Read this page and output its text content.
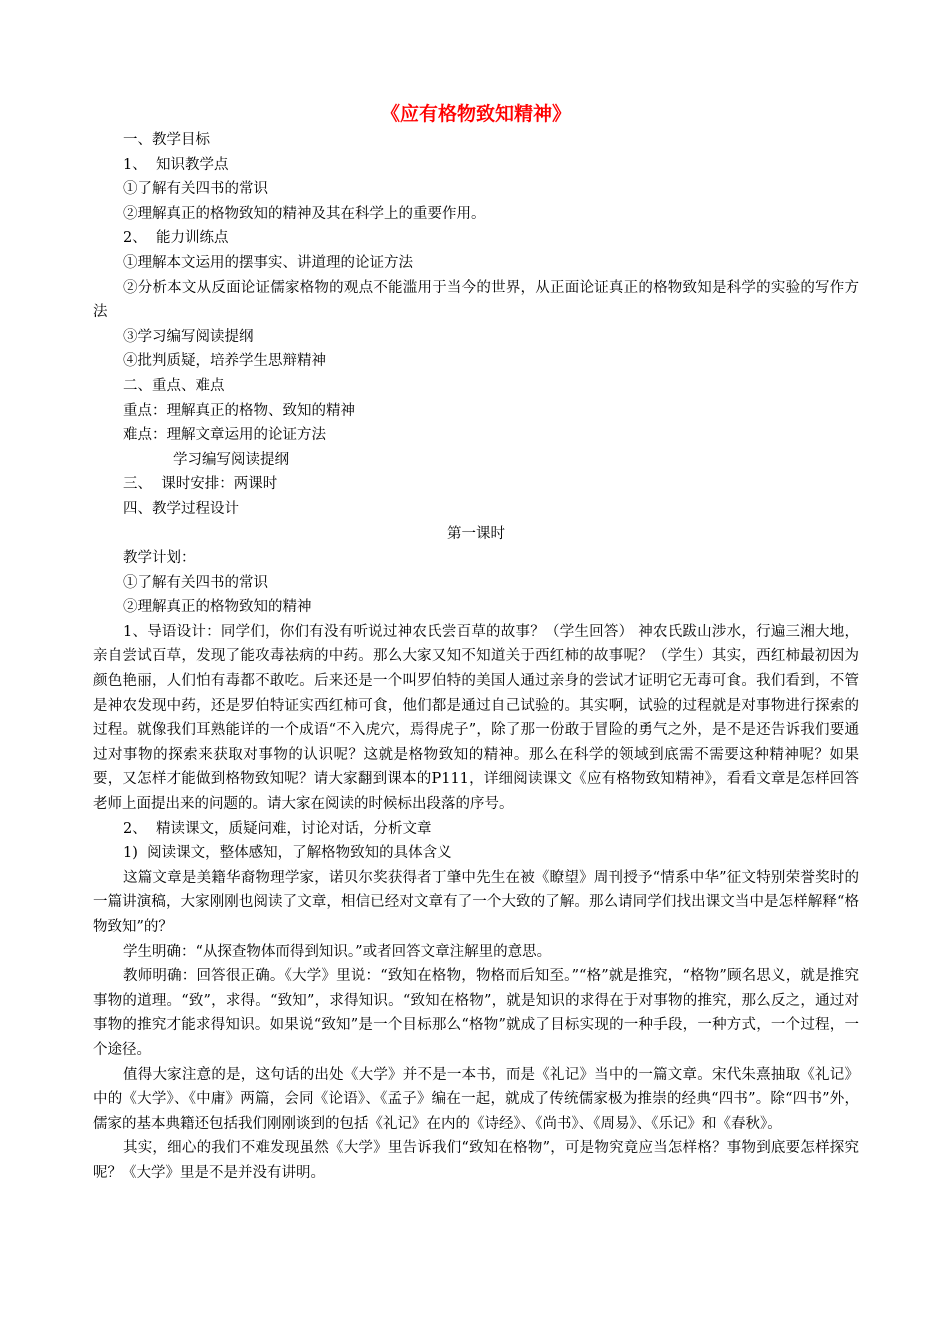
《应有格物致知精神》

一、教学目标

1、  知识教学点

①了解有关四书的常识

②理解真正的格物致知的精神及其在科学上的重要作用。

2、  能力训练点

①理解本文运用的摆事实、讲道理的论证方法

②分析本文从反面论证儒家格物的观点不能滥用于当今的世界，从正面论证真正的格物致知是科学的实验的写作方法

③学习编写阅读提纲

④批判质疑，培养学生思辩精神

二、重点、难点

重点：理解真正的格物、致知的精神

难点：理解文章运用的论证方法

学习编写阅读提纲

三、  课时安排：两课时

四、教学过程设计

第一课时

教学计划：

①了解有关四书的常识

②理解真正的格物致知的精神

1、导语设计：同学们，你们有没有听说过神农氏尝百草的故事？（学生回答） 神农氏跋山涉水，行遍三湘大地，亲自尝试百草，发现了能攻毒祛病的中药。那么大家又知不知道关于西红柿的故事呢？（学生）其实，西红柿最初因为颜色艳丽，人们怕有毒都不敢吃。后来还是一个叫罗伯特的美国人通过亲身的尝试才证明它无毒可食。我们看到，不管是神农发现中药，还是罗伯特证实西红柿可食，他们都是通过自己试验的。其实啊，试验的过程就是对事物进行探索的过程。就像我们耳熟能详的一个成语“不入虎穴，焉得虎子”，除了那一份敢于冒险的勇气之外，是不是还告诉我们要通过对事物的探索来获取对事物的认识呢？这就是格物致知的精神。那么在科学的领域到底需不需要这种精神呢？如果要，又怎样才能做到格物致知呢？请大家翻到课本的P111，详细阅读课文《应有格物致知精神》，看看文章是怎样回答老师上面提出来的问题的。请大家在阅读的时候标出段落的序号。

2、  精读课文，质疑问难，讨论对话，分析文章

1)  阅读课文，整体感知，了解格物致知的具体含义

这篇文章是美籍华裔物理学家，诺贝尔奖获得者丁肇中先生在被《瞭望》周刊授予“情系中华”征文特别荣誉奖时的一篇讲演稿，大家刚刚也阅读了文章，相信已经对文章有了一个大致的了解。那么请同学们找出课文当中是怎样解释“格物致知”的？

学生明确：“从探查物体而得到知识。”或者回答文章注解里的意思。

教师明确：回答很正确。《大学》里说：“致知在格物，物格而后知至。”“格”就是推究，“格物”顾名思义，就是推究事物的道理。“致”，求得。“致知”，求得知识。“致知在格物”，就是知识的求得在于对事物的推究，那么反之，通过对事物的推究才能求得知识。如果说“致知”是一个目标那么“格物”就成了目标实现的一种手段，一种方式，一个过程，一个途径。

值得大家注意的是，这句话的出处《大学》并不是一本书，而是《礼记》当中的一篇文章。宋代朱熹抽取《礼记》中的《大学》、《中庸》两篇，会同《论语》、《孟子》编在一起，就成了传统儒家极为推崇的经典“四书”。除“四书”外，儒家的基本典籍还包括我们刚刚谈到的包括《礼记》在内的《诗经》、《尚书》、《周易》、《乐记》和《春秋》。

其实，细心的我们不难发现虽然《大学》里告诉我们“致知在格物”，可是物究竟应当怎样格？事物到底要怎样探究呢？《大学》里是不是并没有讲明。
